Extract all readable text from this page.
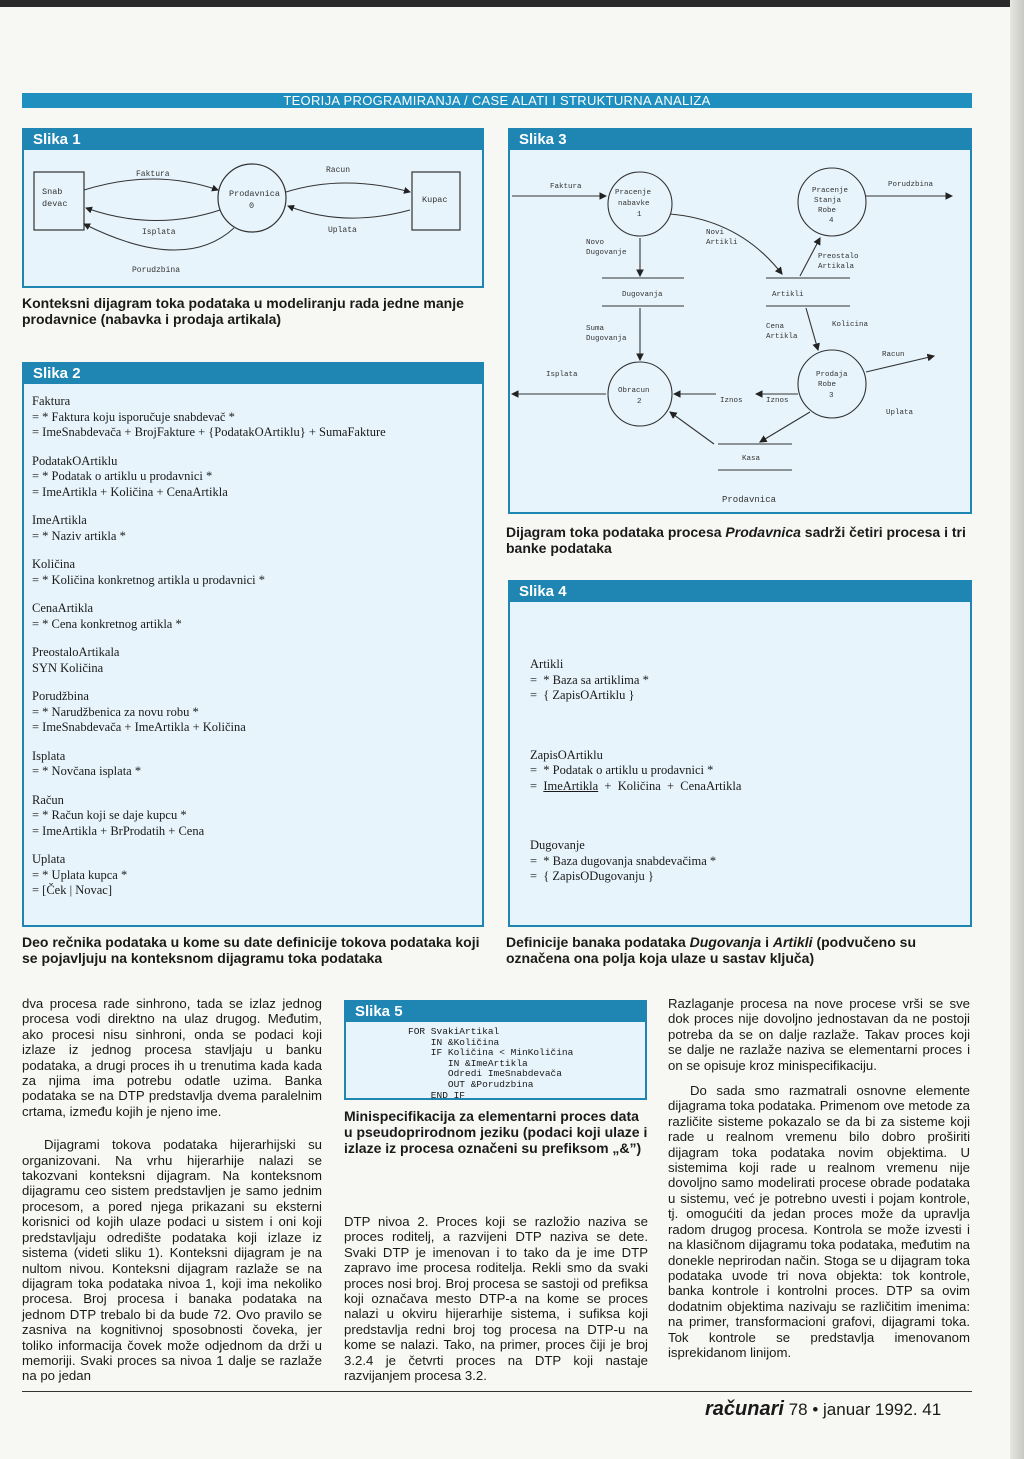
TEORIJA PROGRAMIRANJA / CASE ALATI I STRUKTURNA ANALIZA
Slika 1
Snab
devac
Prodavnica
0
Kupac
Faktura
Isplata
Racun
Uplata
Porudzbina
Konteksni dijagram toka podataka u modeliranju rada jedne manje prodavnice (nabavka i prodaja artikala)
Slika 2
Faktura
= * Faktura koju isporučuje snabdevač *
= ImeSnabdevača + BrojFakture + {PodatakOArtiklu} + SumaFakture
PodatakOArtiklu
= * Podatak o artiklu u prodavnici *
= ImeArtikla + Količina + CenaArtikla
ImeArtikla
= * Naziv artikla *
Količina
= * Količina konkretnog artikla u prodavnici *
CenaArtikla
= * Cena konkretnog artikla *
PreostaloArtikala
SYN Količina
Porudžbina
= * Narudžbenica za novu robu *
= ImeSnabdevača + ImeArtikla + Količina
Isplata
= * Novčana isplata *
Račun
= * Račun koji se daje kupcu *
= ImeArtikla + BrProdatih + Cena
Uplata
= * Uplata kupca *
= [Ček | Novac]
Deo rečnika podataka u kome su date definicije tokova podataka koji se pojavljuju na konteksnom dijagramu toka podataka
Slika 3
Faktura
Pracenje
nabavke
1
Pracenje
Stanja
Robe
4
Porudzbina
Novo
Dugovanje
Novi
Artikli
Preostalo
Artikala
Dugovanja	Artikli
Suma
Dugovanja
Cena
Artikla
Kolicina
Racun
Isplata
Obracun
2	Iznos	Iznos
Prodaja
Robe
3
Uplata
Kasa
Prodavnica
Dijagram toka podataka procesa Prodavnica sadrži četiri procesa i tri banke podataka
Slika 4

Artikli
=  * Baza sa artiklima *
=  { ZapisOArtiklu }

ZapisOArtiklu
=  * Podatak o artiklu u prodavnici *
=  ImeArtikla  +  Količina  +  CenaArtikla

Dugovanje
=  * Baza dugovanja snabdevačima *
=  { ZapisODugovanju }

Definicije banaka podataka Dugovanja i Artikli (podvučeno su označena ona polja koja ulaze u sastav ključa)

dva procesa rade sinhrono, tada se izlaz jednog procesa vodi direktno na ulaz drugog. Međutim, ako procesi nisu sinhroni, onda se podaci koji izlaze iz jednog procesa stavljaju u banku podataka, a drugi proces ih u trenutima kada kada za njima ima potrebu odatle uzima. Banka podataka se na DTP predstavlja dvema paralelnim crtama, između kojih je njeno ime.

Dijagrami tokova podataka hijerarhijski su organizovani. Na vrhu hijerarhije nalazi se takozvani konteksni dijagram. Na konteksnom dijagramu ceo sistem predstavljen je samo jednim procesom, a pored njega prikazani su eksterni korisnici od kojih ulaze podaci u sistem i oni koji predstavljaju odredište podataka koji izlaze iz sistema (videti sliku 1). Konteksni dijagram je na nultom nivou. Konteksni dijagram razlaže se na dijagram toka podataka nivoa 1, koji ima nekoliko procesa. Broj procesa i banaka podataka na jednom DTP trebalo bi da bude 72. Ovo pravilo se zasniva na kognitivnoj sposobnosti čoveka, jer toliko informacija čovek može odjednom da drži u memoriji. Svaki proces sa nivoa 1 dalje se razlaže na po jedan

Slika 5
FOR SvakiArtikal
IN &Količina
IF Količina < MinKoličina
IN &ImeArtikla
Odredi ImeSnabdevača
OUT &Porudzbina
END IF
Minispecifikacija za elementarni proces data u pseudoprirodnom jeziku (podaci koji ulaze i izlaze iz procesa označeni su prefiksom „&”)

DTP nivoa 2. Proces koji se razložio naziva se proces roditelj, a razvijeni DTP naziva se dete. Svaki DTP je imenovan i to tako da je ime DTP zapravo ime procesa roditelja. Rekli smo da svaki proces nosi broj. Broj procesa se sastoji od prefiksa koji označava mesto DTP-a na kome se proces nalazi u okviru hijerarhije sistema, i sufiksa koji predstavlja redni broj tog procesa na DTP-u na kome se nalazi. Tako, na primer, proces čiji je broj 3.2.4 je četvrti proces na DTP koji nastaje razvijanjem procesa 3.2.

Razlaganje procesa na nove procese vrši se sve dok proces nije dovoljno jednostavan da ne postoji potreba da se on dalje razlaže. Takav proces koji se dalje ne razlaže naziva se elementarni proces i on se opisuje kroz minispecifikaciju.

Do sada smo razmatrali osnovne elemente dijagrama toka podataka. Primenom ove metode za različite sisteme pokazalo se da bi za sisteme koji rade u realnom vremenu bilo dobro proširiti dijagram toka podataka novim objektima. U sistemima koji rade u realnom vremenu nije dovoljno samo modelirati procese obrade podataka u sistemu, već je potrebno uvesti i pojam kontrole, tj. omogućiti da jedan proces može da upravlja radom drugog procesa. Kontrola se može izvesti i na klasičnom dijagramu toka podataka, međutim na donekle neprirodan način. Stoga se u dijagram toka podataka uvode tri nova objekta: tok kontrole, banka kontrole i kontrolni proces. DTP sa ovim dodatnim objektima nazivaju se različitim imenima: na primer, transformacioni grafovi, dijagrami toka. Tok kontrole se predstavlja imenovanom isprekidanom linijom.

računari 78 • januar 1992. 41
